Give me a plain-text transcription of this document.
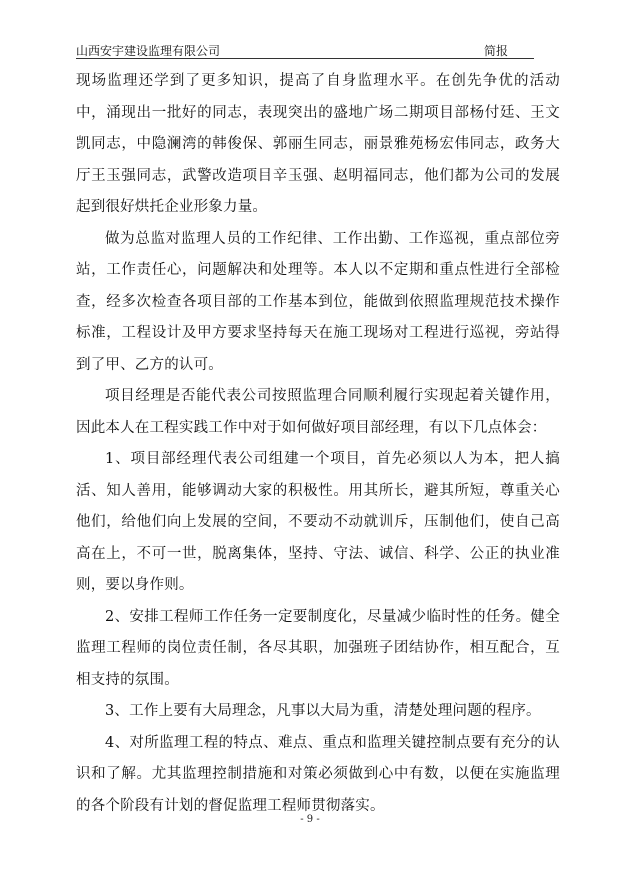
山西安宇建设监理有限公司	简报

现场监理还学到了更多知识，提高了自身监理水平。在创先争优的活动中，涌现出一批好的同志，表现突出的盛地广场二期项目部杨付廷、王文凯同志，中隐澜湾的韩俊保、郭丽生同志，丽景雅苑杨宏伟同志，政务大厅王玉强同志，武警改造项目辛玉强、赵明福同志，他们都为公司的发展起到很好烘托企业形象力量。

做为总监对监理人员的工作纪律、工作出勤、工作巡视，重点部位旁站，工作责任心，问题解决和处理等。本人以不定期和重点性进行全部检查，经多次检查各项目部的工作基本到位，能做到依照监理规范技术操作标准，工程设计及甲方要求坚持每天在施工现场对工程进行巡视，旁站得到了甲、乙方的认可。

项目经理是否能代表公司按照监理合同顺利履行实现起着关键作用，因此本人在工程实践工作中对于如何做好项目部经理，有以下几点体会：

1、项目部经理代表公司组建一个项目，首先必须以人为本，把人搞活、知人善用，能够调动大家的积极性。用其所长，避其所短，尊重关心他们，给他们向上发展的空间，不要动不动就训斥，压制他们，使自己高高在上，不可一世，脱离集体，坚持、守法、诚信、科学、公正的执业准则，要以身作则。

2、安排工程师工作任务一定要制度化，尽量减少临时性的任务。健全监理工程师的岗位责任制，各尽其职，加强班子团结协作，相互配合，互相支持的氛围。

3、工作上要有大局理念，凡事以大局为重，清楚处理问题的程序。

4、对所监理工程的特点、难点、重点和监理关键控制点要有充分的认识和了解。尤其监理控制措施和对策必须做到心中有数，以便在实施监理的各个阶段有计划的督促监理工程师贯彻落实。

- 9 -
